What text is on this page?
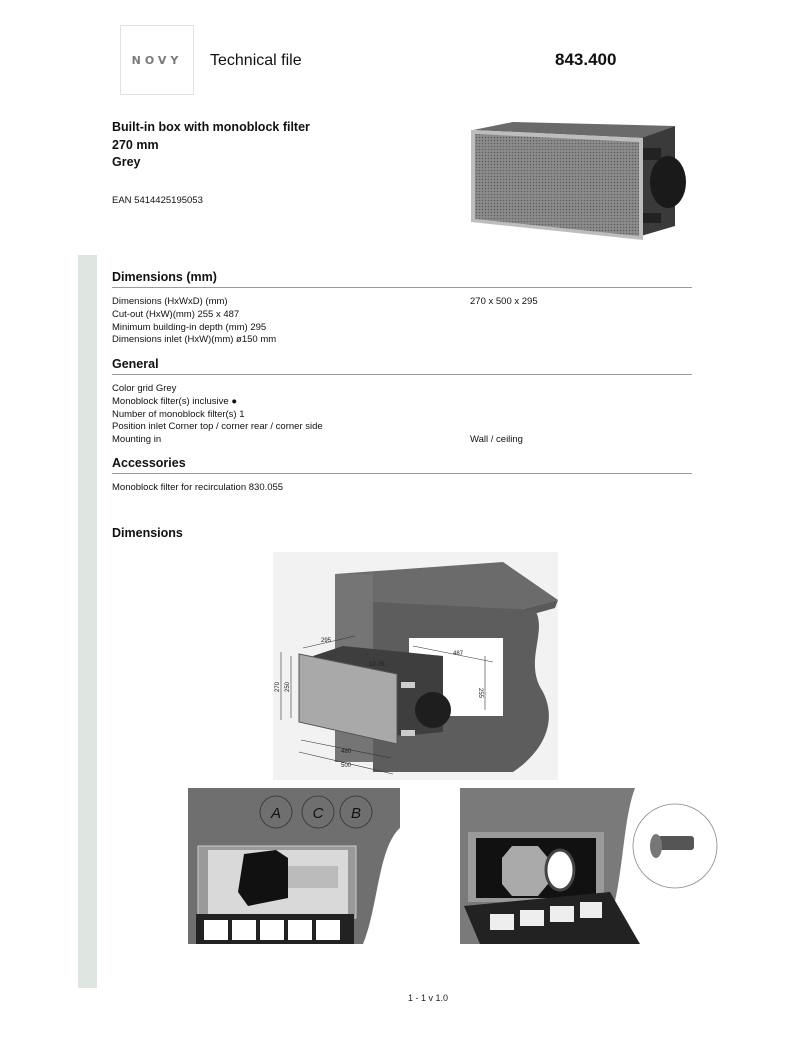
NOVY Technical file	843.400
Built-in box with monoblock filter
270 mm
Grey
EAN 5414425195053
Dimensions (mm)
Dimensions (HxWxD) (mm)	270 x 500 x 295
Cut-out (HxW)(mm) 255 x 487
Minimum building-in depth (mm) 295
Dimensions inlet (HxW)(mm) ø150 mm
General
Color grid Grey
Monoblock filter(s) inclusive ●
Number of monoblock filter(s) 1
Position inlet Corner top / corner rear / corner side
Mounting in	Wall / ceiling
Accessories
Monoblock filter for recirculation 830.055
Dimensions
295
487
255
10-35
270 250
480
500
A C B
1 - 1 v 1.0
